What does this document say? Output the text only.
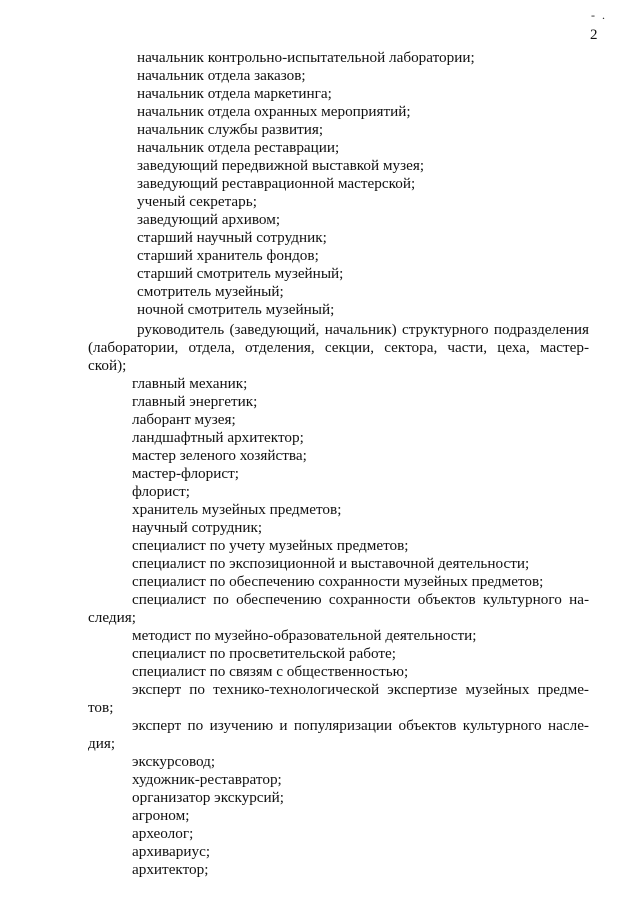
- .
2
начальник контрольно-испытательной лаборатории;
начальник отдела заказов;
начальник отдела маркетинга;
начальник отдела охранных мероприятий;
начальник службы развития;
начальник отдела реставрации;
заведующий передвижной выставкой музея;
заведующий реставрационной мастерской;
ученый секретарь;
заведующий архивом;
старший научный сотрудник;
старший хранитель фондов;
старший смотритель музейный;
смотритель музейный;
ночной смотритель музейный;
руководитель (заведующий, начальник) структурного подразделения
(лаборатории, отдела, отделения, секции, сектора, части, цеха, мастер-
ской);
главный механик;
главный энергетик;
лаборант музея;
ландшафтный архитектор;
мастер зеленого хозяйства;
мастер-флорист;
флорист;
хранитель музейных предметов;
научный сотрудник;
специалист по учету музейных предметов;
специалист по экспозиционной и выставочной деятельности;
специалист по обеспечению сохранности музейных предметов;
специалист по обеспечению сохранности объектов культурного на-
следия;
методист по музейно-образовательной деятельности;
специалист по просветительской работе;
специалист по связям с общественностью;
эксперт по технико-технологической экспертизе музейных предме-
тов;
эксперт по изучению и популяризации объектов культурного насле-
дия;
экскурсовод;
художник-реставратор;
организатор экскурсий;
агроном;
археолог;
архивариус;
архитектор;
